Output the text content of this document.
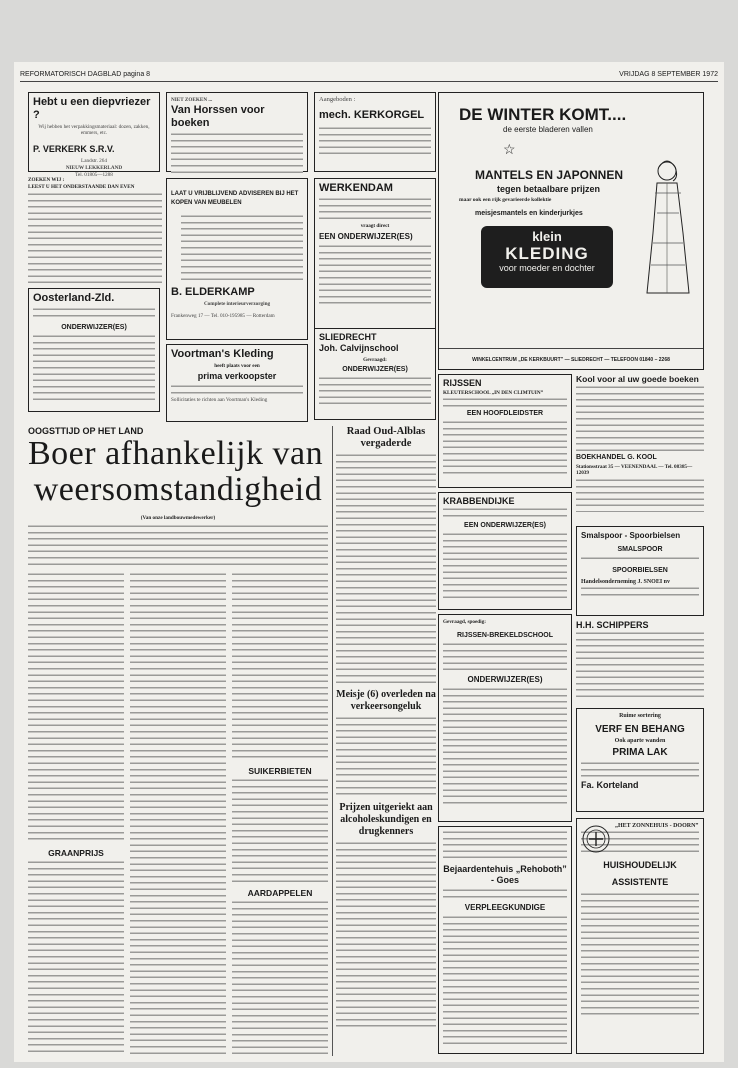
REFORMATORISCH DAGBLAD pagina 8	VRIJDAG 8 SEPTEMBER 1972
Hebt u een diepvriezer ?
Wij hebben het verpakkingsmateriaal: dozen, zakken, emmers, etc.
P. VERKERK S.R.V.
Landstr. 264
NIEUW LEKKERLAND
Tel. 01805—1288
NIET ZOEKEN ...
Van Horssen voor boeken
Aangeboden :
mech. KERKORGEL	DE WINTER KOMT....
de eerste bladeren vallen
☆
MANTELS EN JAPONNEN
tegen betaalbare prijzen
maar ook een rijk gevarieerde kollektie
meisjesmantels en kinderjurkjes
klein
KLEDING
voor moeder en dochter
WINKELCENTRUM „DE KERKBUURT” — SLIEDRECHT — TELEFOON 01840 – 2268
ZOEKEN WIJ :
LEEST U HET ONDERSTAANDE DAN EVEN
LAAT U VRIJBLIJVEND ADVISEREN BIJ HET KOPEN VAN MEUBELEN
B. ELDERKAMP
Complete interieurverzorging
Frankenweg 17 — Tel. 010-195985 — Rotterdam
WERKENDAM
vraagt direct
EEN ONDERWIJZER(ES)
Oosterland-Zld.
ONDERWIJZER(ES)
Voortman's Kleding
heeft plaats voor een
prima verkoopster
Sollicitaties te richten aan Voortman's Kleding
SLIEDRECHT
Joh. Calvijnschool
Gevraagd:
ONDERWIJZER(ES)
OOGSTTIJD OP HET LAND
Boer afhankelijk van
weersomstandigheid
(Van onze landbouwmedewerker)
GRAANPRIJS
SUIKERBIETEN
AARDAPPELEN
Raad Oud-Alblas vergaderde
Meisje (6) overleden na verkeersongeluk
Prijzen uitgeriekt aan alcoholeskundigen en drugkenners
RIJSSEN
KLEUTERSCHOOL „IN DEN CLIMTUIN”
EEN HOOFDLEIDSTER
Kool voor al uw goede boeken
BOEKHANDEL G. KOOL
Stationsstraat 35 — VEENENDAAL — Tel. 08385—12039
KRABBENDIJKE
EEN ONDERWIJZER(ES)
Smalspoor - Spoorbielsen
SMALSPOOR
SPOORBIELSEN
Handelsonderneming J. SNOEI nv
H.H. SCHIPPERS
Gevraagd, spoedig:
RIJSSEN-BREKELDSCHOOL
ONDERWIJZER(ES)
Ruime sortering
VERF EN BEHANG
Ook aparte wanden
PRIMA LAK
Fa. Korteland
Bejaardentehuis „Rehoboth” - Goes
VERPLEEGKUNDIGE
„HET ZONNEHUIS - DOORN”
HUISHOUDELIJK
ASSISTENTE
